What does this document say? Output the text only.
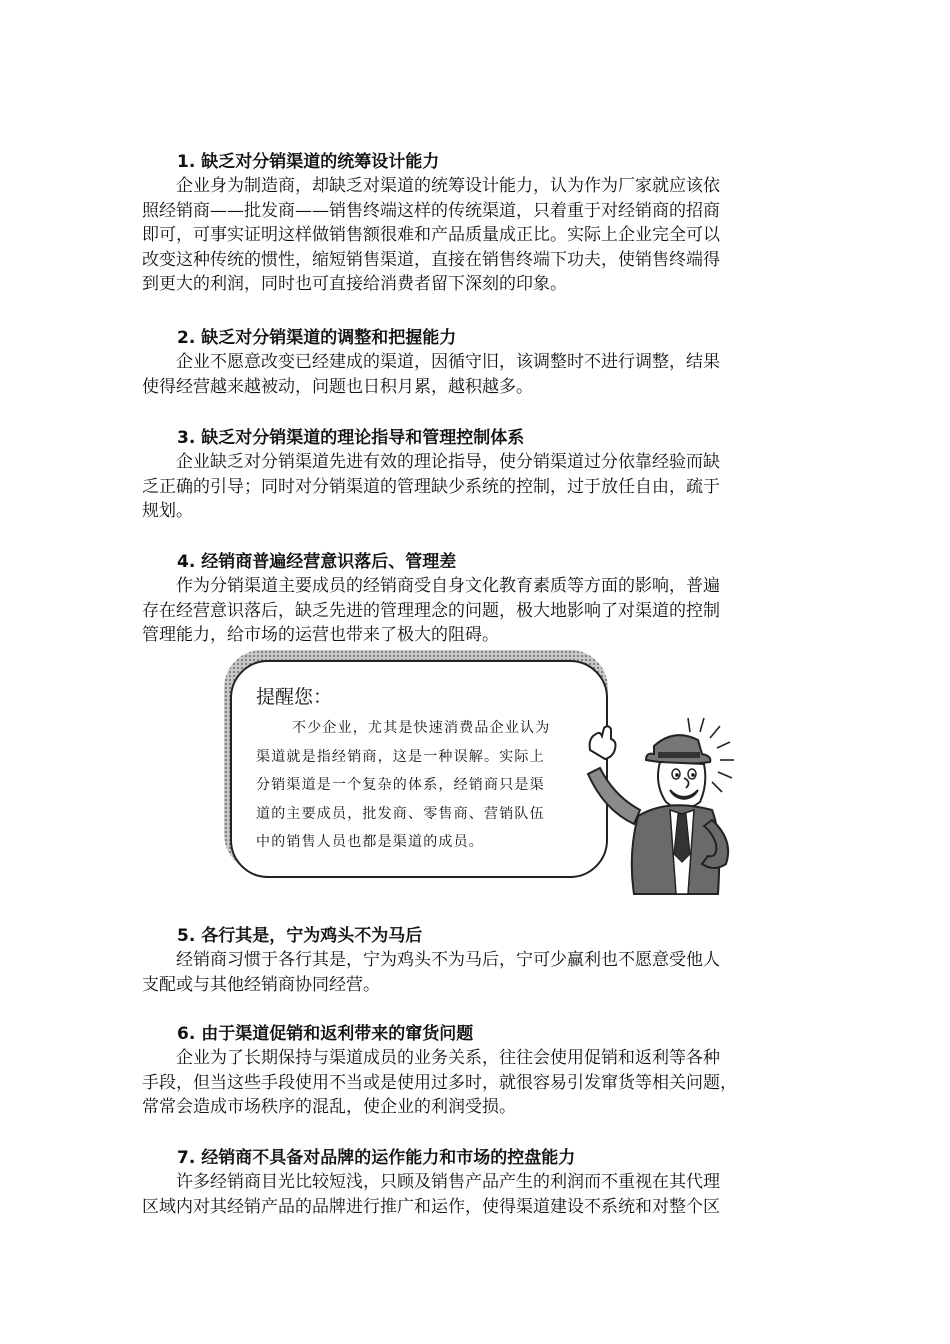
1. 缺乏对分销渠道的统筹设计能力

企业身为制造商，却缺乏对渠道的统筹设计能力，认为作为厂家就应该依
照经销商——批发商——销售终端这样的传统渠道，只着重于对经销商的招商
即可，可事实证明这样做销售额很难和产品质量成正比。实际上企业完全可以
改变这种传统的惯性，缩短销售渠道，直接在销售终端下功夫，使销售终端得
到更大的利润，同时也可直接给消费者留下深刻的印象。

2. 缺乏对分销渠道的调整和把握能力

企业不愿意改变已经建成的渠道，因循守旧，该调整时不进行调整，结果
使得经营越来越被动，问题也日积月累，越积越多。

3. 缺乏对分销渠道的理论指导和管理控制体系

企业缺乏对分销渠道先进有效的理论指导，使分销渠道过分依靠经验而缺
乏正确的引导；同时对分销渠道的管理缺少系统的控制，过于放任自由，疏于
规划。

4. 经销商普遍经营意识落后、管理差

作为分销渠道主要成员的经销商受自身文化教育素质等方面的影响，普遍
存在经营意识落后，缺乏先进的管理理念的问题，极大地影响了对渠道的控制
管理能力，给市场的运营也带来了极大的阻碍。

提醒您：

不少企业，尤其是快速消费品企业认为
渠道就是指经销商，这是一种误解。实际上
分销渠道是一个复杂的体系，经销商只是渠
道的主要成员，批发商、零售商、营销队伍
中的销售人员也都是渠道的成员。
5. 各行其是，宁为鸡头不为马后

经销商习惯于各行其是，宁为鸡头不为马后，宁可少赢利也不愿意受他人
支配或与其他经销商协同经营。

6. 由于渠道促销和返利带来的窜货问题

企业为了长期保持与渠道成员的业务关系，往往会使用促销和返利等各种
手段，但当这些手段使用不当或是使用过多时，就很容易引发窜货等相关问题，
常常会造成市场秩序的混乱，使企业的利润受损。

7. 经销商不具备对品牌的运作能力和市场的控盘能力

许多经销商目光比较短浅，只顾及销售产品产生的利润而不重视在其代理
区域内对其经销产品的品牌进行推广和运作，使得渠道建设不系统和对整个区
